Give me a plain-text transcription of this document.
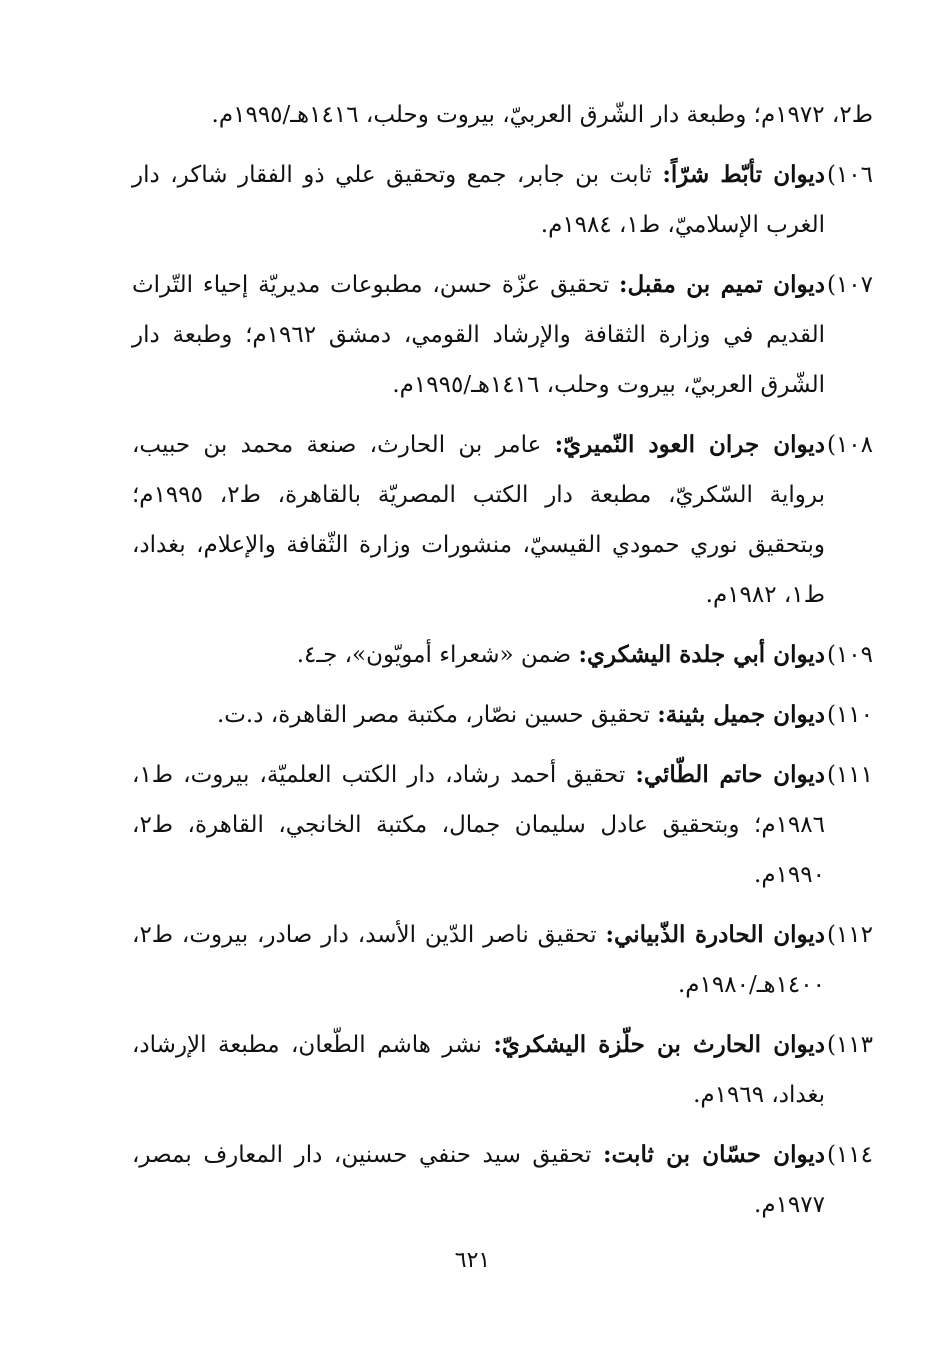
ط٢، ١٩٧٢م؛ وطبعة دار الشّرق العربيّ، بيروت وحلب، ١٤١٦هـ/١٩٩٥م.

١٠٦)ديوان تأبّط شرّاً: ثابت بن جابر، جمع وتحقيق علي ذو الفقار شاكر، دار الغرب الإسلاميّ، ط١، ١٩٨٤م.

١٠٧)ديوان تميم بن مقبل: تحقيق عزّة حسن، مطبوعات مديريّة إحياء التّراث القديم في وزارة الثقافة والإرشاد القومي، دمشق ١٩٦٢م؛ وطبعة دار الشّرق العربيّ، بيروت وحلب، ١٤١٦هـ/١٩٩٥م.

١٠٨)ديوان جران العود النّميريّ: عامر بن الحارث، صنعة محمد بن حبيب، برواية السّكريّ، مطبعة دار الكتب المصريّة بالقاهرة، ط٢، ١٩٩٥م؛ وبتحقيق نوري حمودي القيسيّ، منشورات وزارة الثّقافة والإعلام، بغداد، ط١، ١٩٨٢م.

١٠٩)ديوان أبي جلدة اليشكري: ضمن «شعراء أمويّون»، جـ٤.

١١٠)ديوان جميل بثينة: تحقيق حسين نصّار، مكتبة مصر القاهرة، د.ت.

١١١)ديوان حاتم الطّائي: تحقيق أحمد رشاد، دار الكتب العلميّة، بيروت، ط١، ١٩٨٦م؛ وبتحقيق عادل سليمان جمال، مكتبة الخانجي، القاهرة، ط٢، ١٩٩٠م.

١١٢)ديوان الحادرة الذّبياني: تحقيق ناصر الدّين الأسد، دار صادر، بيروت، ط٢، ١٤٠٠هـ/١٩٨٠م.

١١٣)ديوان الحارث بن حلّزة اليشكريّ: نشر هاشم الطّعان، مطبعة الإرشاد، بغداد، ١٩٦٩م.

١١٤)ديوان حسّان بن ثابت: تحقيق سيد حنفي حسنين، دار المعارف بمصر، ١٩٧٧م.

٦٢١
